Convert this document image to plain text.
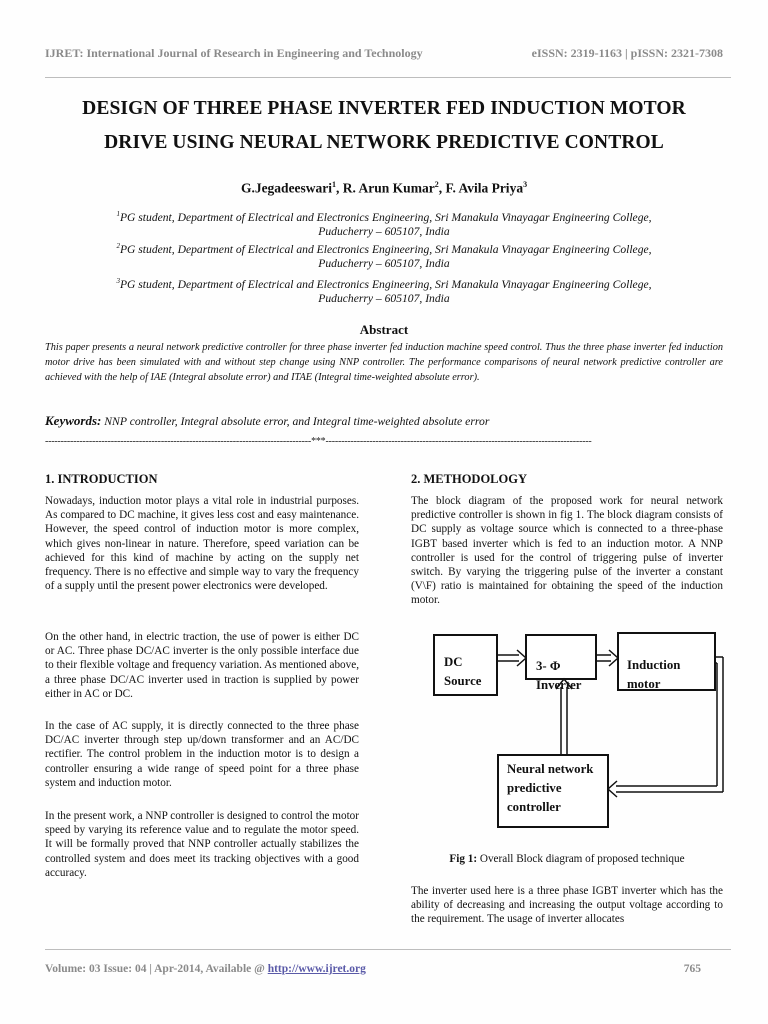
IJRET: International Journal of Research in Engineering and Technology	eISSN: 2319-1163 | pISSN: 2321-7308
DESIGN OF THREE PHASE INVERTER FED INDUCTION MOTOR
DRIVE USING NEURAL NETWORK PREDICTIVE CONTROL
G.Jegadeeswari$^1$, R. Arun Kumar$^2$, F. Avila Priya$^3$
$^1$PG student, Department of Electrical and Electronics Engineering, Sri Manakula Vinayagar Engineering College,
Puducherry – 605107, India
$^2$PG student, Department of Electrical and Electronics Engineering, Sri Manakula Vinayagar Engineering College,
Puducherry – 605107, India
$^3$PG student, Department of Electrical and Electronics Engineering, Sri Manakula Vinayagar Engineering College,
Puducherry – 605107, India
Abstract
This paper presents a neural network predictive controller for three phase inverter fed induction machine speed control. Thus the three phase inverter fed induction motor drive has been simulated with and without step change using NNP controller. The performance comparisons of neural network predictive controller are achieved with the help of IAE (Integral absolute error) and ITAE (Integral time-weighted absolute error).
Keywords: NNP controller, Integral absolute error, and Integral time-weighted absolute error
-------------------------------------------------------------------------------------***-------------------------------------------------------------------------------------
1. INTRODUCTION
Nowadays, induction motor plays a vital role in industrial purposes. As compared to DC machine, it gives less cost and easy maintenance. However, the speed control of induction motor is more complex, which gives non-linear in nature. Therefore, speed variation can be achieved for this kind of machine by acting on the supply net frequency. There is no effective and simple way to vary the frequency of a supply until the present power electronics were developed.
On the other hand, in electric traction, the use of power is either DC or AC. Three phase DC/AC inverter is the only possible interface due to their flexible voltage and frequency variation. As mentioned above, a three phase DC/AC inverter used in traction is supplied by power either in AC or DC.
In the case of AC supply, it is directly connected to the three phase DC/AC inverter through step up/down transformer and an AC/DC rectifier. The control problem in the induction motor is to design a controller ensuring a wide range of speed point for a three phase system and induction motor.
In the present work, a NNP controller is designed to control the motor speed by varying its reference value and to regulate the motor speed. It will be formally proved that NNP controller actually stabilizes the controlled system and does meet its tracking objectives with a good accuracy.
2. METHODOLOGY
The block diagram of the proposed work for neural network predictive controller is shown in fig 1. The block diagram consists of DC supply as voltage source which is connected to a three-phase IGBT based inverter which is fed to an induction motor. A NNP controller is used for the control of triggering pulse of inverter switch. By varying the triggering pulse of the inverter a constant (V\F) ratio is maintained for obtaining the speed of the induction motor.
DC
Source
3- Φ
Inverter
Induction
motor
Neural network
predictive
controller
Fig 1: Overall Block diagram of proposed technique
The inverter used here is a three phase IGBT inverter which has the ability of decreasing and increasing the output voltage according to the requirement. The usage of inverter allocates
Volume: 03 Issue: 04 | Apr-2014, Available @ http://www.ijret.org	765
